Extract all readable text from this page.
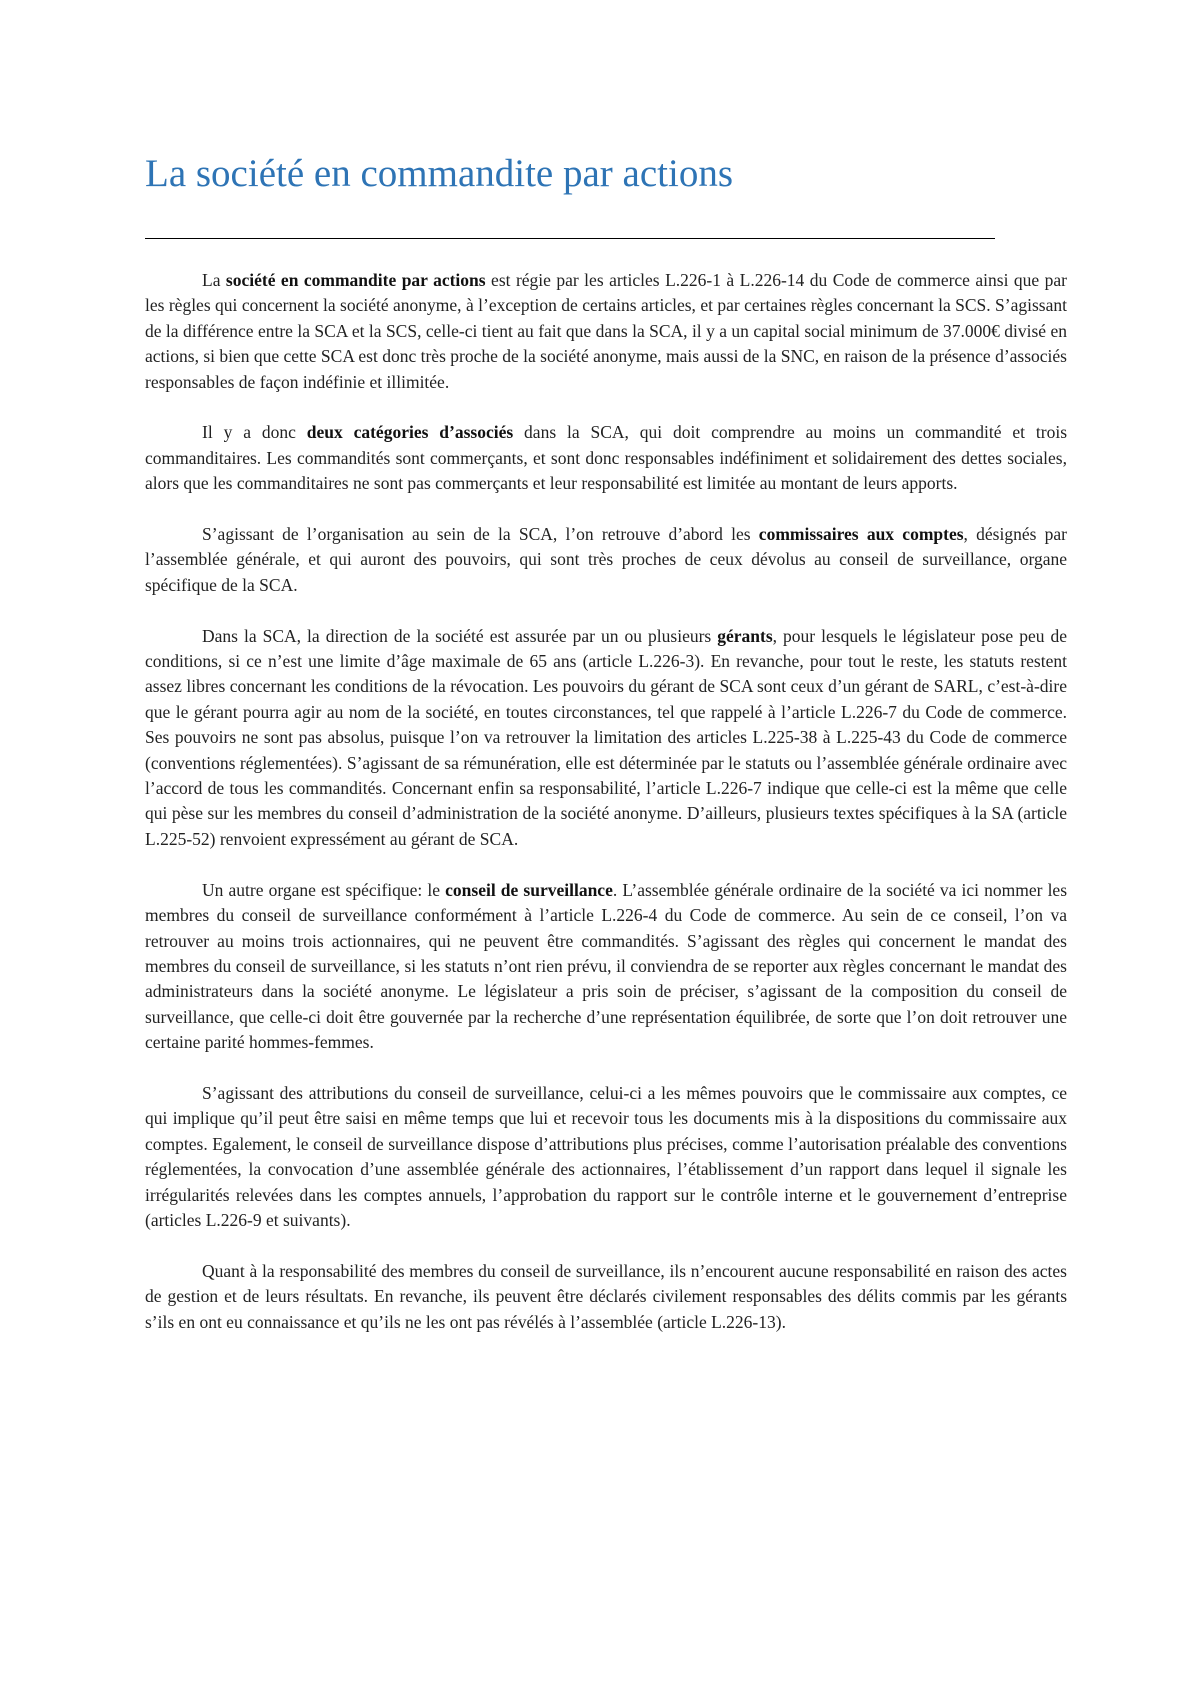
La société en commandite par actions

La société en commandite par actions est régie par les articles L.226-1 à L.226-14 du Code de commerce ainsi que par les règles qui concernent la société anonyme, à l’exception de certains articles, et par certaines règles concernant la SCS. S’agissant de la différence entre la SCA et la SCS, celle-ci tient au fait que dans la SCA, il y a un capital social minimum de 37.000€ divisé en actions, si bien que cette SCA est donc très proche de la société anonyme, mais aussi de la SNC, en raison de la présence d’associés responsables de façon indéfinie et illimitée.

Il y a donc deux catégories d’associés dans la SCA, qui doit comprendre au moins un commandité et trois commanditaires. Les commandités sont commerçants, et sont donc responsables indéfiniment et solidairement des dettes sociales, alors que les commanditaires ne sont pas commerçants et leur responsabilité est limitée au montant de leurs apports.

S’agissant de l’organisation au sein de la SCA, l’on retrouve d’abord les commissaires aux comptes, désignés par l’assemblée générale, et qui auront des pouvoirs, qui sont très proches de ceux dévolus au conseil de surveillance, organe spécifique de la SCA.

Dans la SCA, la direction de la société est assurée par un ou plusieurs gérants, pour lesquels le législateur pose peu de conditions, si ce n’est une limite d’âge maximale de 65 ans (article L.226-3). En revanche, pour tout le reste, les statuts restent assez libres concernant les conditions de la révocation. Les pouvoirs du gérant de SCA sont ceux d’un gérant de SARL, c’est-à-dire que le gérant pourra agir au nom de la société, en toutes circonstances, tel que rappelé à l’article L.226-7 du Code de commerce. Ses pouvoirs ne sont pas absolus, puisque l’on va retrouver la limitation des articles L.225-38 à L.225-43 du Code de commerce (conventions réglementées). S’agissant de sa rémunération, elle est déterminée par le statuts ou l’assemblée générale ordinaire avec l’accord de tous les commandités. Concernant enfin sa responsabilité, l’article L.226-7 indique que celle-ci est la même que celle qui pèse sur les membres du conseil d’administration de la société anonyme. D’ailleurs, plusieurs textes spécifiques à la SA (article L.225-52) renvoient expressément au gérant de SCA.

Un autre organe est spécifique: le conseil de surveillance. L’assemblée générale ordinaire de la société va ici nommer les membres du conseil de surveillance conformément à l’article L.226-4 du Code de commerce. Au sein de ce conseil, l’on va retrouver au moins trois actionnaires, qui ne peuvent être commandités. S’agissant des règles qui concernent le mandat des membres du conseil de surveillance, si les statuts n’ont rien prévu, il conviendra de se reporter aux règles concernant le mandat des administrateurs dans la société anonyme. Le législateur a pris soin de préciser, s’agissant de la composition du conseil de surveillance, que celle-ci doit être gouvernée par la recherche d’une représentation équilibrée, de sorte que l’on doit retrouver une certaine parité hommes-femmes.

S’agissant des attributions du conseil de surveillance, celui-ci a les mêmes pouvoirs que le commissaire aux comptes, ce qui implique qu’il peut être saisi en même temps que lui et recevoir tous les documents mis à la dispositions du commissaire aux comptes. Egalement, le conseil de surveillance dispose d’attributions plus précises, comme l’autorisation préalable des conventions réglementées, la convocation d’une assemblée générale des actionnaires, l’établissement d’un rapport dans lequel il signale les irrégularités relevées dans les comptes annuels, l’approbation du rapport sur le contrôle interne et le gouvernement d’entreprise (articles L.226-9 et suivants).

Quant à la responsabilité des membres du conseil de surveillance, ils n’encourent aucune responsabilité en raison des actes de gestion et de leurs résultats. En revanche, ils peuvent être déclarés civilement responsables des délits commis par les gérants s’ils en ont eu connaissance et qu’ils ne les ont pas révélés à l’assemblée (article L.226-13).
